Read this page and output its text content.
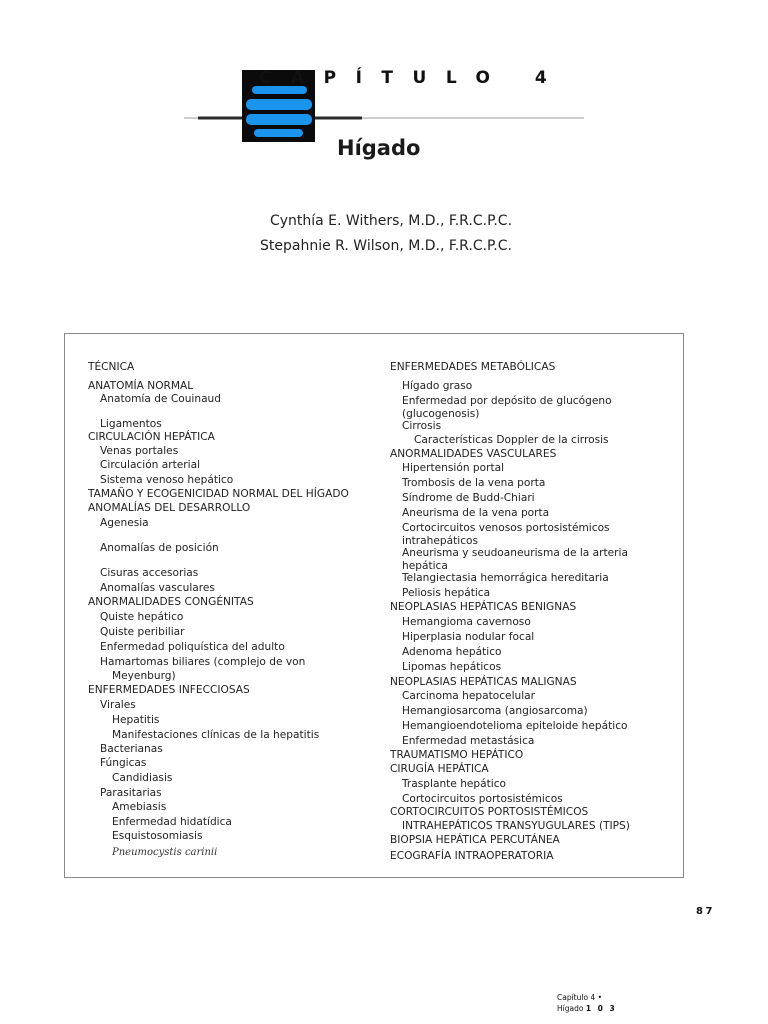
CAPÍTULO 4
Hígado
Cynthía E. Withers, M.D., F.R.C.P.C.
Stepahnie R. Wilson, M.D., F.R.C.P.C.
TÉCNICA
ANATOMÍA NORMAL
Anatomía de Couinaud
Ligamentos
CIRCULACIÓN HEPÁTICA
Venas portales
Circulación arterial
Sistema venoso hepático
TAMAÑO Y ECOGENICIDAD NORMAL DEL HÍGADO
ANOMALÍAS DEL DESARROLLO
Agenesia
Anomalías de posición
Cisuras accesorias
Anomalías vasculares
ANORMALIDADES CONGÉNITAS
Quiste hepático
Quiste peribiliar
Enfermedad poliquística del adulto
Hamartomas biliares (complejo de von
Meyenburg)
ENFERMEDADES INFECCIOSAS
Virales
Hepatitis
Manifestaciones clínicas de la hepatitis
Bacterianas
Fúngicas
Candidiasis
Parasitarias
Amebiasis
Enfermedad hidatídica
Esquistosomiasis
Pneumocystis carinii
ENFERMEDADES METABÓLICAS
Hígado graso
Enfermedad por depósito de glucógeno (glucogenosis)
Cirrosis
Características Doppler de la cirrosis
ANORMALIDADES VASCULARES
Hipertensión portal
Trombosis de la vena porta
Síndrome de Budd-Chiari
Aneurisma de la vena porta
Cortocircuitos venosos portosistémicos intrahepáticos
Aneurisma y seudoaneurisma de la arteria hepática
Telangiectasia hemorrágica hereditaria
Peliosis hepática
NEOPLASIAS HEPÁTICAS BENIGNAS
Hemangioma cavernoso
Hiperplasia nodular focal
Adenoma hepático
Lipomas hepáticos
NEOPLASIAS HEPÁTICAS MALIGNAS
Carcinoma hepatocelular
Hemangiosarcoma (angiosarcoma)
Hemangioendotelioma epiteloide hepático
Enfermedad metastásica
TRAUMATISMO HEPÁTICO
CIRUGÍA HEPÁTICA
Trasplante hepático
Cortocircuitos portosistémicos
CORTOCIRCUITOS PORTOSISTÉMICOS
INTRAHEPÁTICOS TRANSYUGULARES (TIPS)
BIOPSIA HEPÁTICA PERCUTÁNEA
ECOGRAFÍA INTRAOPERATORIA
87
Capítulo 4 •
Hígado 1 0 3
